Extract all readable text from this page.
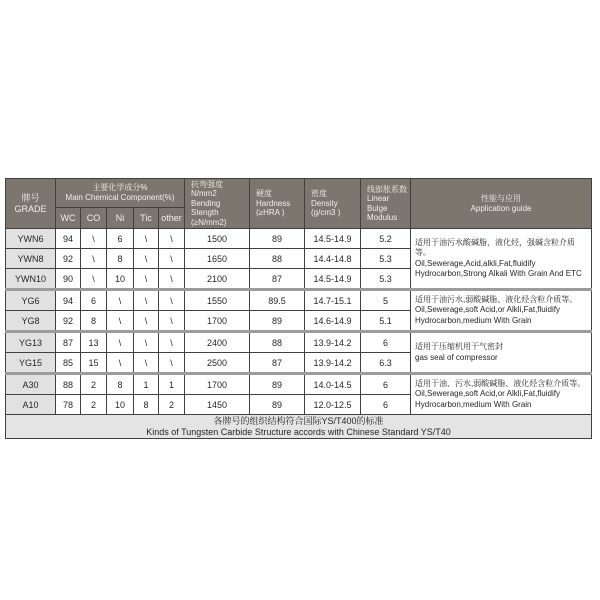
牌号
GRADE

主要化学成分%
Main Chemical Component(%)

抗弯强度
N/mm2
Bending
Stength
(≥N/mm2)

硬度
Hardness
(≥HRA )

密度
Density
(g/cm3 )

线澎胀系数
Linear
Bulge
Modulus

性能与应用
Application guide

	WC	CO	Ni	Tic	other					
YWN6	94	\	6	\	\	1500	89	14.5-14.9	5.2	适用于油污水酸碱脂，液化烃，强碱含粒介质等。
Oil,Sewerage,Acid,alkli,Fat,fluidify Hydrocarbon,Strong Alkali With Grain And ETC

YWN8	92	\	8	\	\	1650	88	14.4-14.8	5.3	
YWN10	90	\	10	\	\	2100	87	14.5-14.9	5.3	
YG6	94	6	\	\	\	1550	89.5	14.7-15.1	5	适用于油污水,弱酸碱脂、液化烃含粒介质等。
Oil,Sewerage,soft Acid,or Alkli,Fat,fluidify Hydrocarbon,medium With Grain

YG8	92	8	\	\	\	1700	89	14.6-14.9	5.1	
YG13	87	13	\	\	\	2400	88	13.9-14.2	6	适用于压缩机用干气密封
gas seal of compressor

YG15	85	15	\	\	\	2500	87	13.9-14.2	6.3	
A30	88	2	8	1	1	1700	89	14.0-14.5	6	适用于油、污水,弱酸碱脂、液化烃含粒介质等。
Oil,Sewerage,soft Acid,or Alkli,Fat,fluidify Hydrocarbon,medium With Grain

A10	78	2	10	8	2	1450	89	12.0-12.5	6	

各牌号的组织结构符合国际YS/T400的标准
Kinds of Tungsten Carbide Structure accords with Chinese Standard YS/T40										
